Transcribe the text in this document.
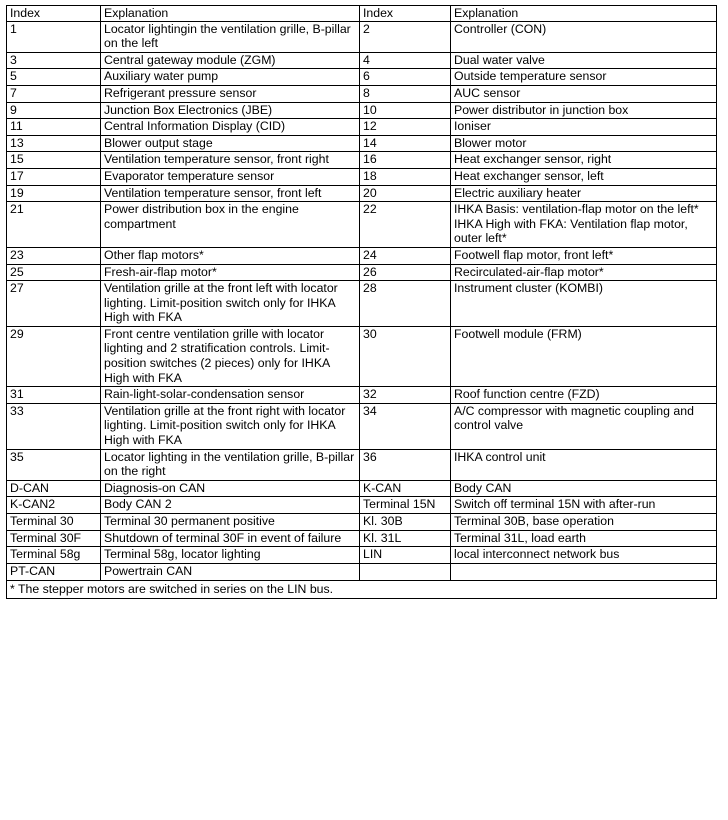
Index	Explanation	Index	Explanation
1	Locator lightingin the ventilation grille, B-pillar on the left	2	Controller (CON)
3	Central gateway module (ZGM)	4	Dual water valve
5	Auxiliary water pump	6	Outside temperature sensor
7	Refrigerant pressure sensor	8	AUC sensor
9	Junction Box Electronics (JBE)	10	Power distributor in junction box
11	Central Information Display (CID)	12	Ioniser
13	Blower output stage	14	Blower motor
15	Ventilation temperature sensor, front right	16	Heat exchanger sensor, right
17	Evaporator temperature sensor	18	Heat exchanger sensor, left
19	Ventilation temperature sensor, front left	20	Electric auxiliary heater
21	Power distribution box in the engine compartment	22	IHKA Basis: ventilation-flap motor on the left*
IHKA High with FKA: Ventilation flap motor, outer left*
23	Other flap motors*	24	Footwell flap motor, front left*
25	Fresh-air-flap motor*	26	Recirculated-air-flap motor*
27	Ventilation grille at the front left with locator lighting. Limit-position switch only for IHKA High with FKA	28	Instrument cluster (KOMBI)
29	Front centre ventilation grille with locator lighting and 2 stratification controls. Limit-position switches (2 pieces) only for IHKA High with FKA	30	Footwell module (FRM)
31	Rain-light-solar-condensation sensor	32	Roof function centre (FZD)
33	Ventilation grille at the front right with locator lighting. Limit-position switch only for IHKA High with FKA	34	A/C compressor with magnetic coupling and control valve
35	Locator lighting in the ventilation grille, B-pillar on the right	36	IHKA control unit
D-CAN	Diagnosis-on CAN	K-CAN	Body CAN
K-CAN2	Body CAN 2	Terminal 15N	Switch off terminal 15N with after-run
Terminal 30	Terminal 30 permanent positive	Kl. 30B	Terminal 30B, base operation
Terminal 30F	Shutdown of terminal 30F in event of failure	Kl. 31L	Terminal 31L, load earth
Terminal 58g	Terminal 58g, locator lighting	LIN	local interconnect network bus
PT-CAN	Powertrain CAN		
* The stepper motors are switched in series on the LIN bus.			
